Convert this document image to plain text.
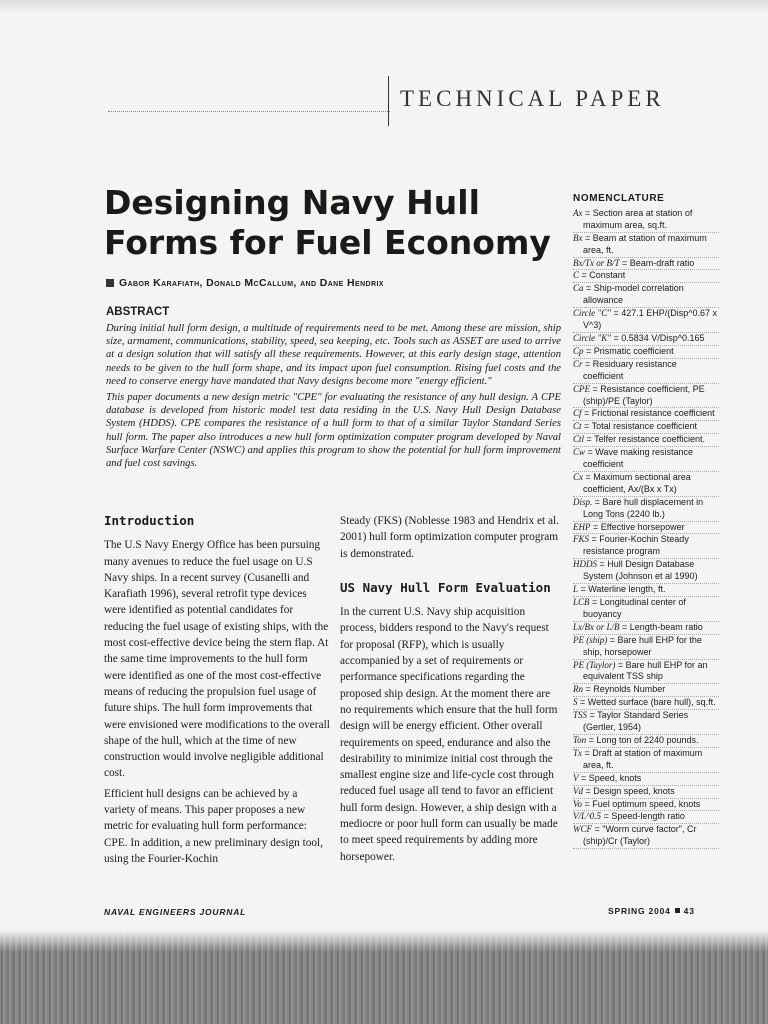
TECHNICAL PAPER
Designing Navy Hull Forms for Fuel Economy
Gabor Karafiath, Donald McCallum, and Dane Hendrix
ABSTRACT

During initial hull form design, a multitude of requirements need to be met. Among these are mission, ship size, armament, communications, stability, speed, sea keeping, etc. Tools such as ASSET are used to arrive at a design solution that will satisfy all these requirements. However, at this early design stage, attention needs to be given to the hull form shape, and its impact upon fuel consumption. Rising fuel costs and the need to conserve energy have mandated that Navy designs become more "energy efficient."

This paper documents a new design metric "CPE" for evaluating the resistance of any hull design. A CPE database is developed from historic model test data residing in the U.S. Navy Hull Design Database System (HDDS). CPE compares the resistance of a hull form to that of a similar Taylor Standard Series hull form. The paper also introduces a new hull form optimization computer program developed by Naval Surface Warfare Center (NSWC) and applies this program to show the potential for hull form improvement and fuel cost savings.

Introduction

The U.S Navy Energy Office has been pursuing many avenues to reduce the fuel usage on U.S Navy ships. In a recent survey (Cusanelli and Karafiath 1996), several retrofit type devices were identified as potential candidates for reducing the fuel usage of existing ships, with the most cost-effective device being the stern flap. At the same time improvements to the hull form were identified as one of the most cost-effective means of reducing the propulsion fuel usage of future ships. The hull form improvements that were envisioned were modifications to the overall shape of the hull, which at the time of new construction would involve negligible additional cost.

Efficient hull designs can be achieved by a variety of means. This paper proposes a new metric for evaluating hull form performance: CPE. In addition, a new preliminary design tool, using the Fourier-Kochin

Steady (FKS) (Noblesse 1983 and Hendrix et al. 2001) hull form optimization computer program is demonstrated.

US Navy Hull Form Evaluation

In the current U.S. Navy ship acquisition process, bidders respond to the Navy's request for proposal (RFP), which is usually accompanied by a set of requirements or performance specifications regarding the proposed ship design. At the moment there are no requirements which ensure that the hull form design will be energy efficient. Other overall requirements on speed, endurance and also the desirability to minimize initial cost through the smallest engine size and life-cycle cost through reduced fuel usage all tend to favor an efficient hull form design. However, a ship design with a mediocre or poor hull form can usually be made to meet speed requirements by adding more horsepower.

NOMENCLATURE
Ax = Section area at station of maximum area, sq.ft.
Bx = Beam at station of maximum area, ft.
Bx/Tx or B/T = Beam-draft ratio
C = Constant
Ca = Ship-model correlation allowance
Circle "C" = 427.1 EHP/(Disp^0.67 x V^3)
Circle "K" = 0.5834 V/Disp^0.165
Cp = Prismatic coefficient
Cr = Residuary resistance coefficient
CPE = Resistance coefficient, PE (ship)/PE (Taylor)
Cf = Frictional resistance coefficient
Ct = Total resistance coefficient
Ctl = Telfer resistance coefficient.
Cw = Wave making resistance coefficient
Cx = Maximum sectional area coefficient, Ax/(Bx x Tx)
Disp. = Bare hull displacement in Long Tons (2240 lb.)
EHP = Effective horsepower
FKS = Fourier-Kochin Steady resistance program
HDDS = Hull Design Database System (Johnson et al 1990)
L = Waterline length, ft.
LCB = Longitudinal center of buoyancy
Lx/Bx or L/B = Length-beam ratio
PE (ship) = Bare hull EHP for the ship, horsepower
PE (Taylor) = Bare hull EHP for an equivalent TSS ship
Rn = Reynolds Number
S = Wetted surface (bare hull), sq.ft.
TSS = Taylor Standard Series (Gertler, 1954)
Ton = Long ton of 2240 pounds.
Tx = Draft at station of maximum area, ft.
V = Speed, knots
Vd = Design speed, knots
Vo = Fuel optimum speed, knots
V/L^0.5 = Speed-length ratio
WCF = "Worm curve factor", Cr (ship)/Cr (Taylor)
NAVAL ENGINEERS JOURNAL	SPRING 2004 43
